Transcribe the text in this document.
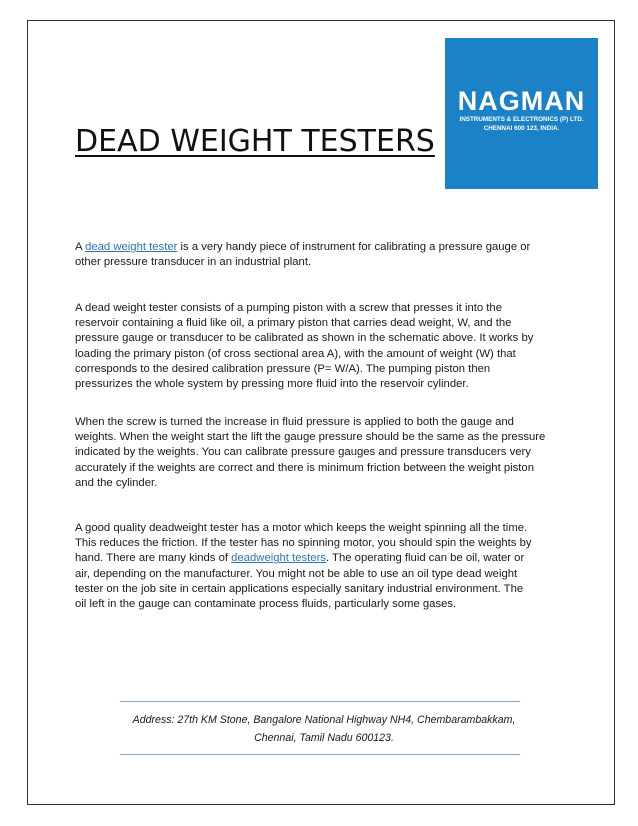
NAGMAN
INSTRUMENTS & ELECTRONICS (P) LTD.
CHENNAI 600 123, INDIA.
DEAD WEIGHT TESTERS

A dead weight tester is a very handy piece of instrument for calibrating a pressure gauge or
other pressure transducer in an industrial plant.

A dead weight tester consists of a pumping piston with a screw that presses it into the
reservoir containing a fluid like oil, a primary piston that carries dead weight, W, and the
pressure gauge or transducer to be calibrated as shown in the schematic above. It works by
loading the primary piston (of cross sectional area A), with the amount of weight (W) that
corresponds to the desired calibration pressure (P= W/A). The pumping piston then
pressurizes the whole system by pressing more fluid into the reservoir cylinder.

When the screw is turned the increase in fluid pressure is applied to both the gauge and
weights. When the weight start the lift the gauge pressure should be the same as the pressure
indicated by the weights. You can calibrate pressure gauges and pressure transducers very
accurately if the weights are correct and there is minimum friction between the weight piston
and the cylinder.

A good quality deadweight tester has a motor which keeps the weight spinning all the time.
This reduces the friction. If the tester has no spinning motor, you should spin the weights by
hand. There are many kinds of deadweight testers. The operating fluid can be oil, water or
air, depending on the manufacturer. You might not be able to use an oil type dead weight
tester on the job site in certain applications especially sanitary industrial environment. The
oil left in the gauge can contaminate process fluids, particularly some gases.

Address: 27th KM Stone, Bangalore National Highway NH4, Chembarambakkam,
Chennai, Tamil Nadu 600123.
